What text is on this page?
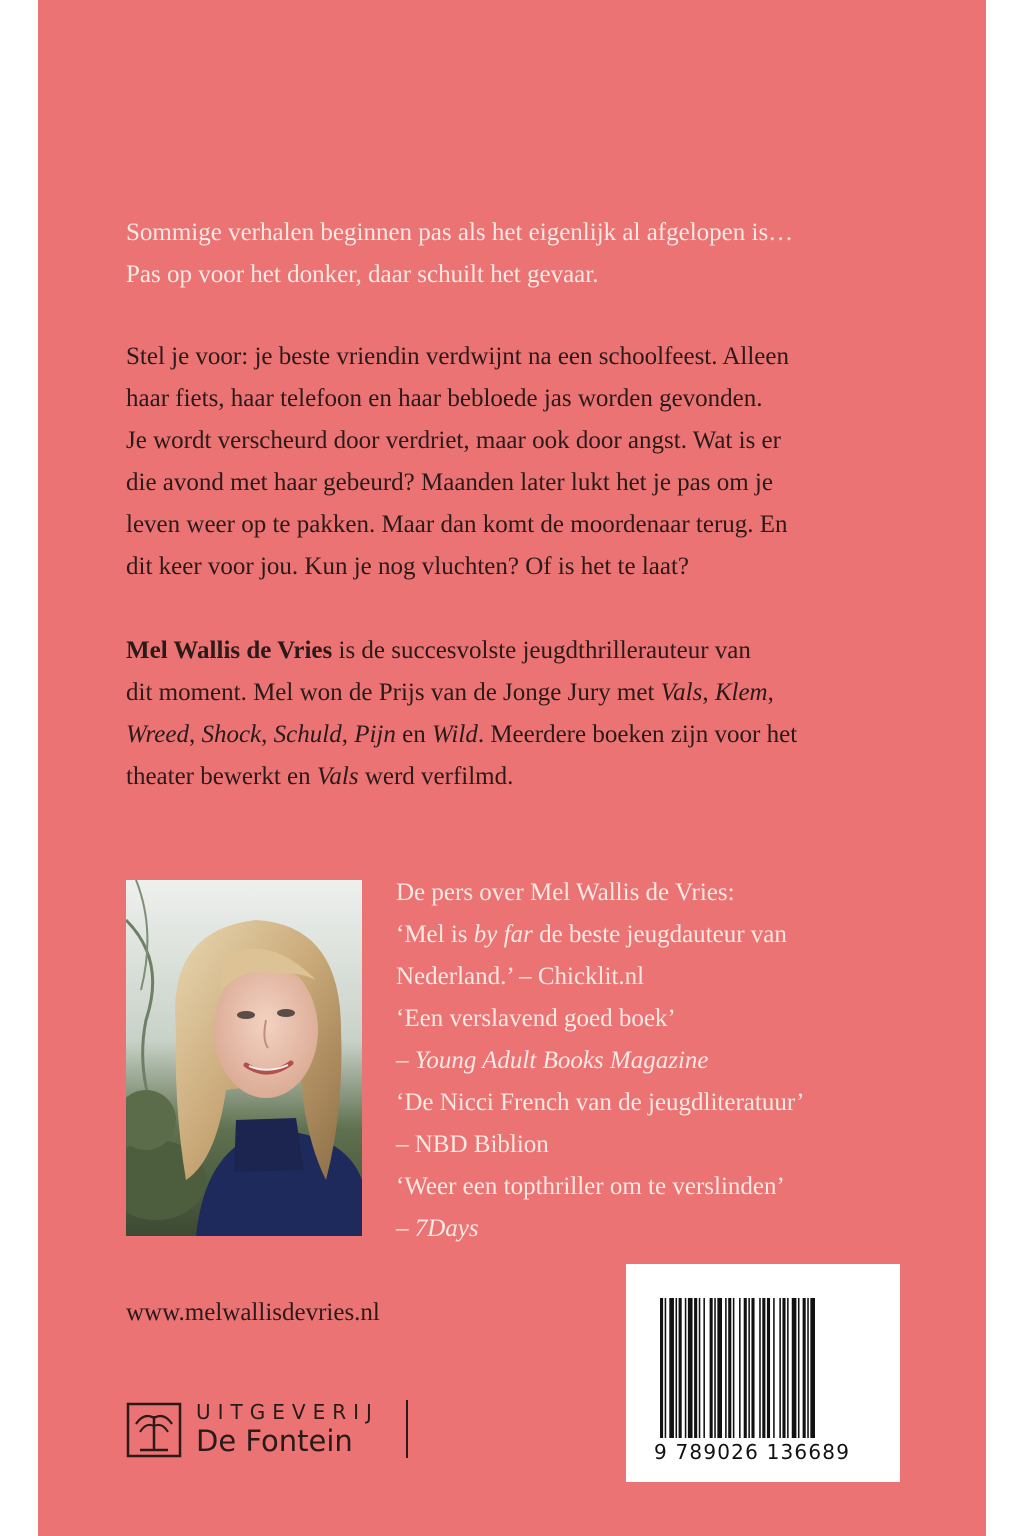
Sommige verhalen beginnen pas als het eigenlijk al afgelopen is…
Pas op voor het donker, daar schuilt het gevaar.
Stel je voor: je beste vriendin verdwijnt na een schoolfeest. Alleen
haar fiets, haar telefoon en haar bebloede jas worden gevonden.
Je wordt verscheurd door verdriet, maar ook door angst. Wat is er
die avond met haar gebeurd? Maanden later lukt het je pas om je
leven weer op te pakken. Maar dan komt de moordenaar terug. En
dit keer voor jou. Kun je nog vluchten? Of is het te laat?
Mel Wallis de Vries is de succesvolste jeugdthrillerauteur van
dit moment. Mel won de Prijs van de Jonge Jury met Vals, Klem,
Wreed, Shock, Schuld, Pijn en Wild. Meerdere boeken zijn voor het
theater bewerkt en Vals werd verfilmd.
De pers over Mel Wallis de Vries:
‘Mel is by far de beste jeugdauteur van
Nederland.’ – Chicklit.nl
‘Een verslavend goed boek’
– Young Adult Books Magazine
‘De Nicci French van de jeugdliteratuur’
– NBD Biblion
‘Weer een topthriller om te verslinden’
– 7Days
www.melwallisdevries.nl
UITGEVERIJ
De Fontein	9 789026 136689
